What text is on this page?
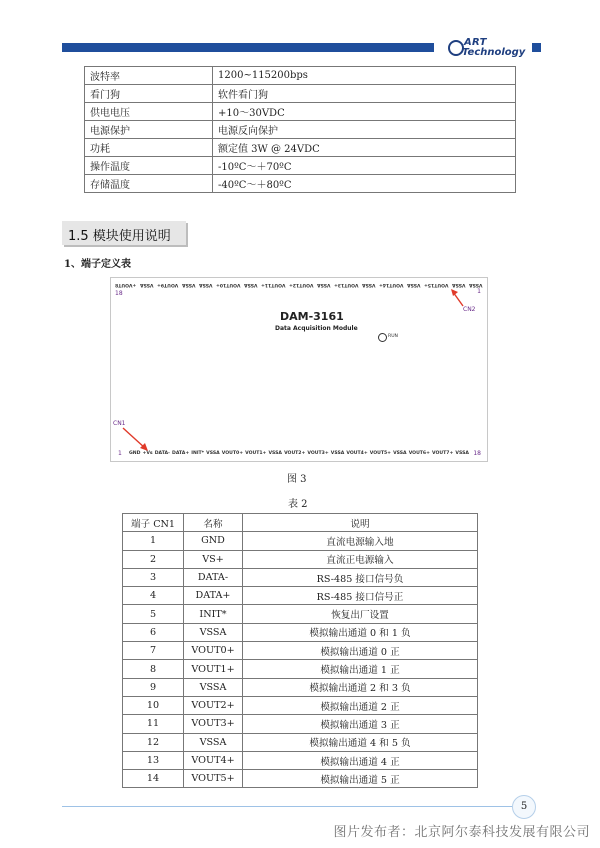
ART
Technology
波特率	1200~115200bps
看门狗	软件看门狗
供电电压	+10～30VDC
电源保护	电源反向保护
功耗	额定值 3W @ 24VDC
操作温度	-10ºC～＋70ºC
存储温度	-40ºC～＋80ºC
1.5 模块使用说明
1、端子定义表
+VOUT8 VSSA VOUT9+ VSSA VSSA VOUT10+ VSSA VOUT11+ VOUT12+ VSSA VOUT13+ VSSA VOUT14+ VSSA VOUT15+ VSSA VSSA
18	1
CN2
DAM-3161
Data Acquisition Module
RUN
CN1
1	18
GND +Vs DATA- DATA+ INIT* VSSA VOUT0+ VOUT1+ VSSA VOUT2+ VOUT3+ VSSA VOUT4+ VOUT5+ VSSA VOUT6+ VOUT7+ VSSA
图 3
表 2
端子 CN1	名称	说明
1	GND	直流电源输入地
2	VS+	直流正电源输入
3	DATA-	RS-485 接口信号负
4	DATA+	RS-485 接口信号正
5	INIT*	恢复出厂设置
6	VSSA	模拟输出通道 0 和 1 负
7	VOUT0+	模拟输出通道 0 正
8	VOUT1+	模拟输出通道 1 正
9	VSSA	模拟输出通道 2 和 3 负
10	VOUT2+	模拟输出通道 2 正
11	VOUT3+	模拟输出通道 3 正
12	VSSA	模拟输出通道 4 和 5 负
13	VOUT4+	模拟输出通道 4 正
14	VOUT5+	模拟输出通道 5 正
5
图片发布者：北京阿尔泰科技发展有限公司
